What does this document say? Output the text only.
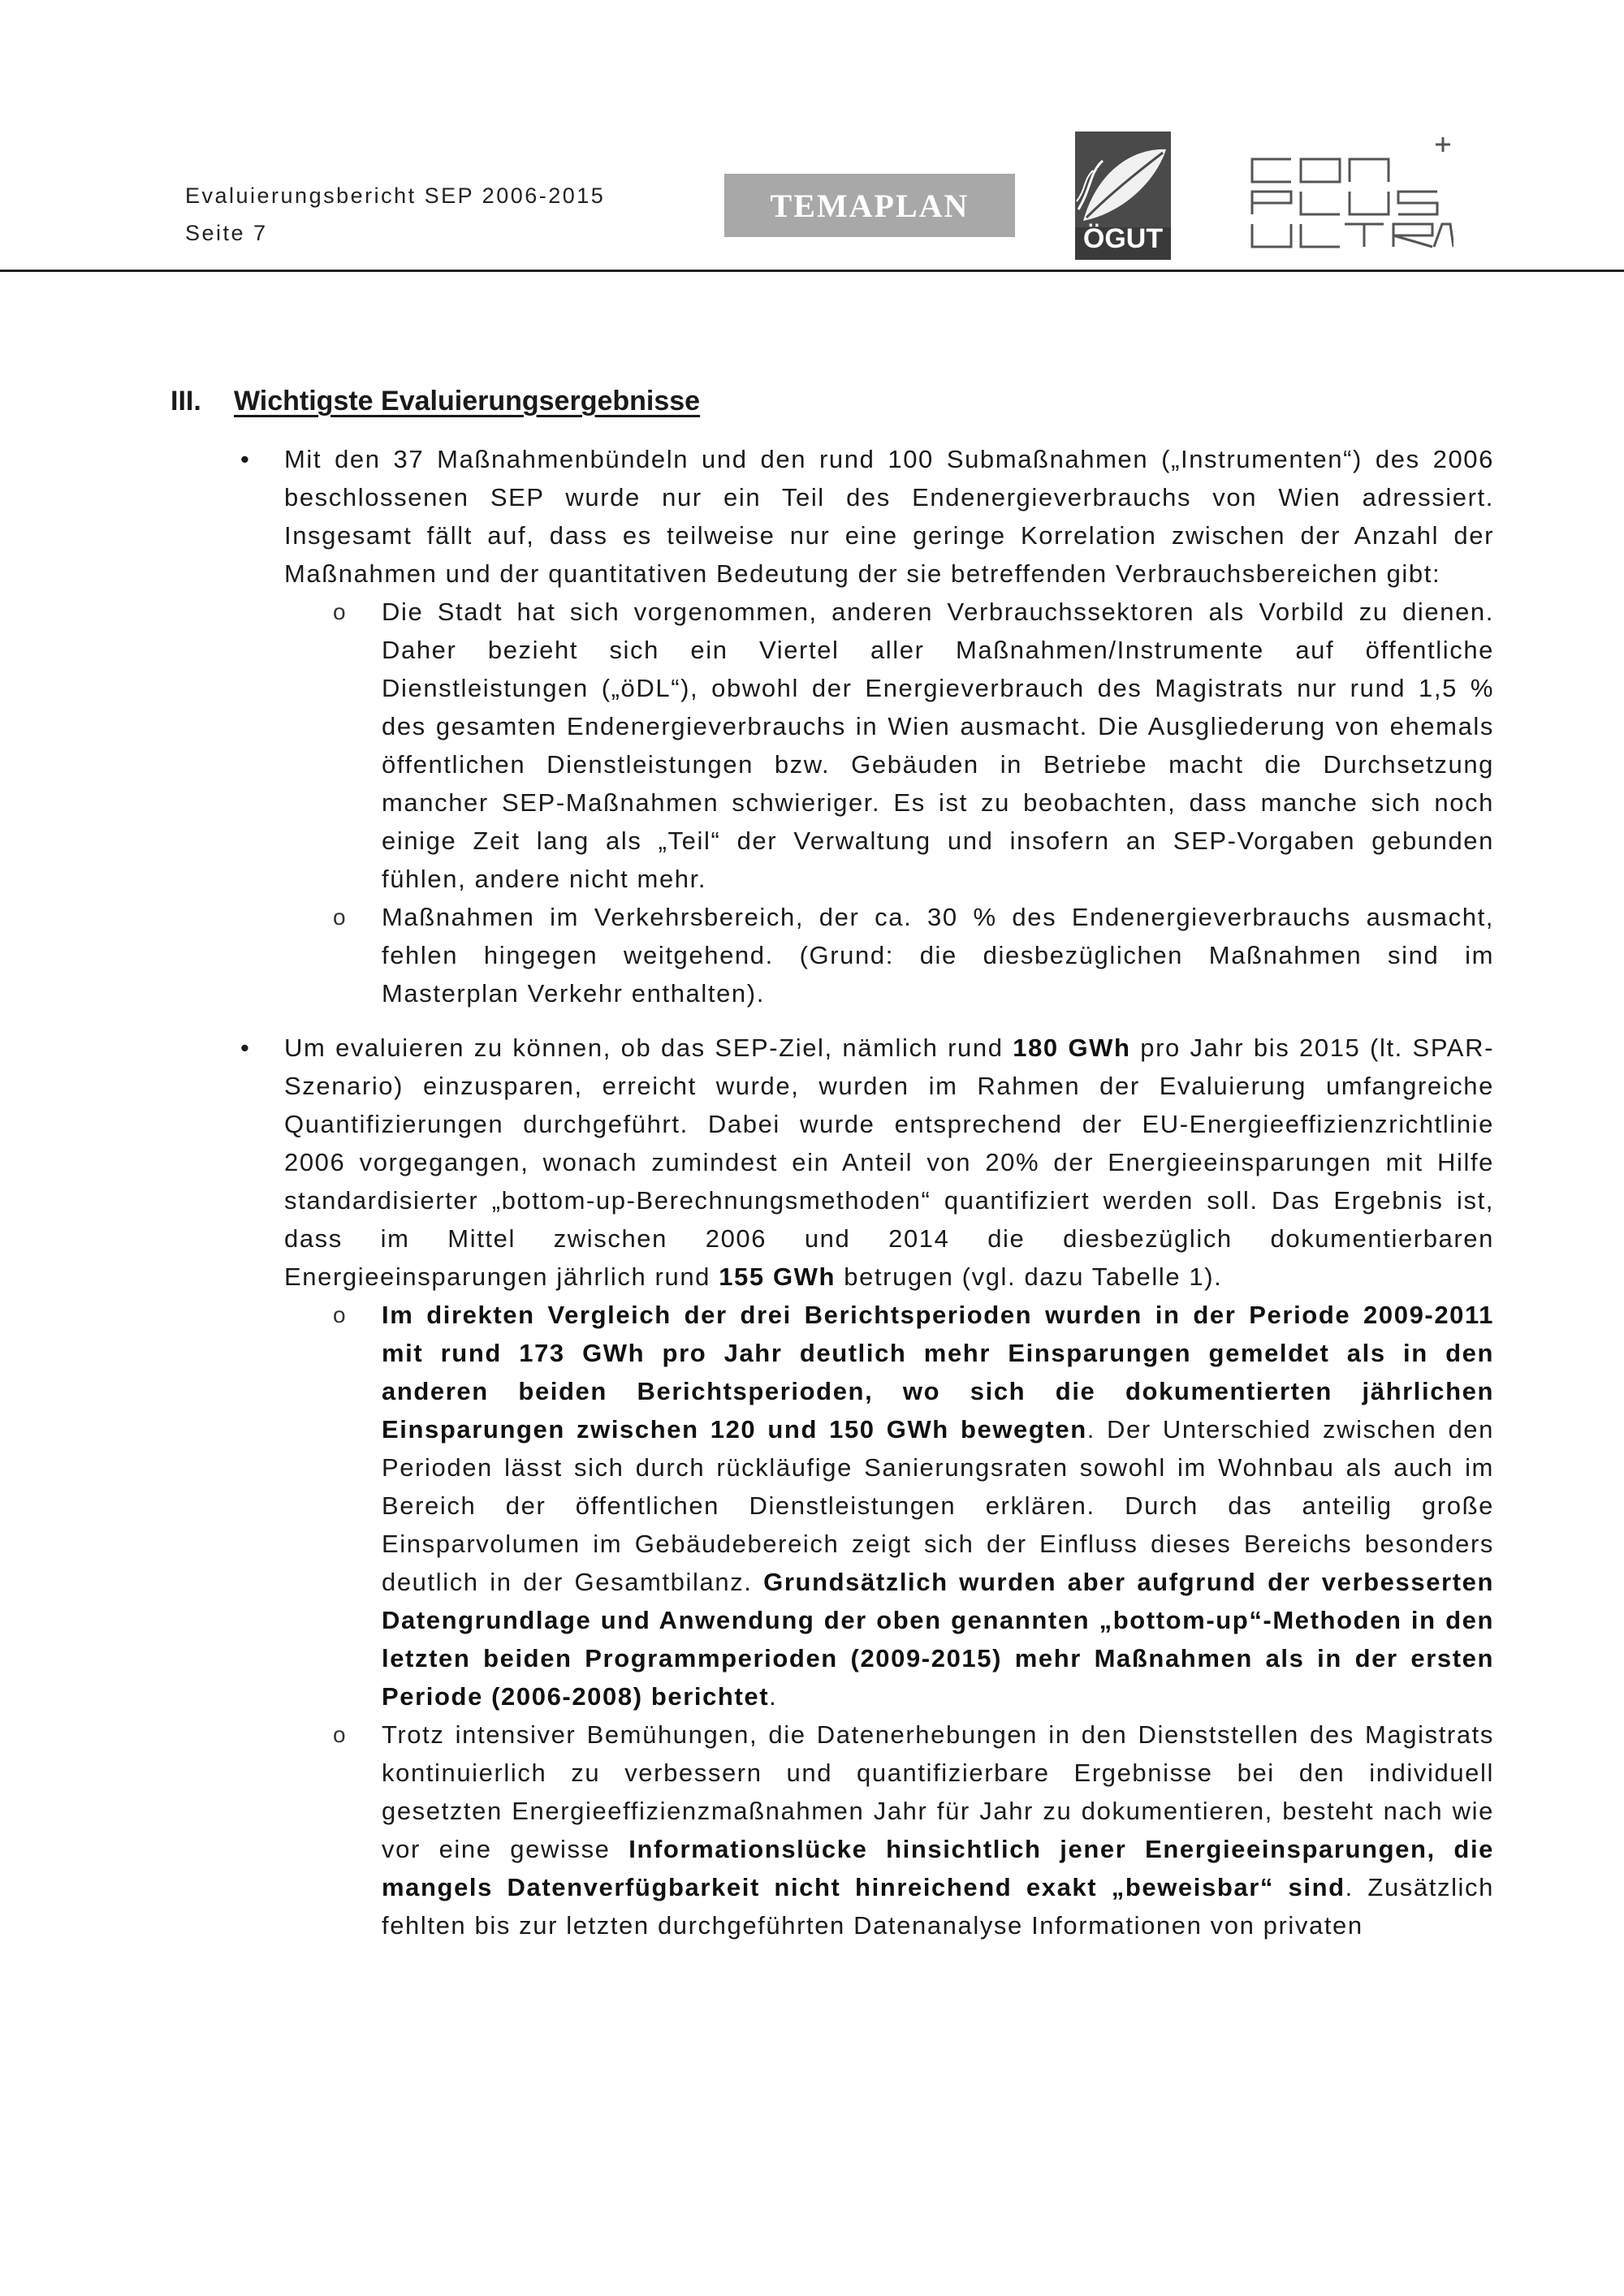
Evaluierungsbericht SEP 2006-2015
Seite 7
TEMAPLAN
ÖGUT
III.	Wichtigste Evaluierungsergebnisse
• Mit den 37 Maßnahmenbündeln und den rund 100 Submaßnahmen („Instrumenten“) des 2006 beschlossenen SEP wurde nur ein Teil des Endenergieverbrauchs von Wien adressiert. Insgesamt fällt auf, dass es teilweise nur eine geringe Korrelation zwischen der Anzahl der Maßnahmen und der quantitativen Bedeutung der sie betreffenden Verbrauchsbereichen gibt:

o Die Stadt hat sich vorgenommen, anderen Verbrauchssektoren als Vorbild zu dienen. Daher bezieht sich ein Viertel aller Maßnahmen/Instrumente auf öffentliche Dienstleistungen („öDL“), obwohl der Energieverbrauch des Magistrats nur rund 1,5 % des gesamten Endenergieverbrauchs in Wien ausmacht. Die Ausgliederung von ehemals öffentlichen Dienstleistungen bzw. Gebäuden in Betriebe macht die Durchsetzung mancher SEP-Maßnahmen schwieriger. Es ist zu beobachten, dass manche sich noch einige Zeit lang als „Teil“ der Verwaltung und insofern an SEP-Vorgaben gebunden fühlen, andere nicht mehr.

o Maßnahmen im Verkehrsbereich, der ca. 30 % des Endenergieverbrauchs ausmacht, fehlen hingegen weitgehend. (Grund: die diesbezüglichen Maßnahmen sind im Masterplan Verkehr enthalten).

• Um evaluieren zu können, ob das SEP-Ziel, nämlich rund 180 GWh pro Jahr bis 2015 (lt. SPAR-Szenario) einzusparen, erreicht wurde, wurden im Rahmen der Evaluierung umfangreiche Quantifizierungen durchgeführt. Dabei wurde entsprechend der EU-Energieeffizienzrichtlinie 2006 vorgegangen, wonach zumindest ein Anteil von 20% der Energieeinsparungen mit Hilfe standardisierter „bottom-up-Berechnungsmethoden“ quantifiziert werden soll. Das Ergebnis ist, dass im Mittel zwischen 2006 und 2014 die diesbezüglich dokumentierbaren Energieeinsparungen jährlich rund 155 GWh betrugen (vgl. dazu Tabelle 1).

o Im direkten Vergleich der drei Berichtsperioden wurden in der Periode 2009-2011 mit rund 173 GWh pro Jahr deutlich mehr Einsparungen gemeldet als in den anderen beiden Berichtsperioden, wo sich die dokumentierten jährlichen Einsparungen zwischen 120 und 150 GWh bewegten. Der Unterschied zwischen den Perioden lässt sich durch rückläufige Sanierungsraten sowohl im Wohnbau als auch im Bereich der öffentlichen Dienstleistungen erklären. Durch das anteilig große Einsparvolumen im Gebäudebereich zeigt sich der Einfluss dieses Bereichs besonders deutlich in der Gesamtbilanz. Grundsätzlich wurden aber aufgrund der verbesserten Datengrundlage und Anwendung der oben genannten „bottom-up“-Methoden in den letzten beiden Programmperioden (2009-2015) mehr Maßnahmen als in der ersten Periode (2006-2008) berichtet.

o Trotz intensiver Bemühungen, die Datenerhebungen in den Dienststellen des Magistrats kontinuierlich zu verbessern und quantifizierbare Ergebnisse bei den individuell gesetzten Energieeffizienzmaßnahmen Jahr für Jahr zu dokumentieren, besteht nach wie vor eine gewisse Informationslücke hinsichtlich jener Energieeinsparungen, die mangels Datenverfügbarkeit nicht hinreichend exakt „beweisbar“ sind. Zusätzlich fehlten bis zur letzten durchgeführten Datenanalyse Informationen von privaten
